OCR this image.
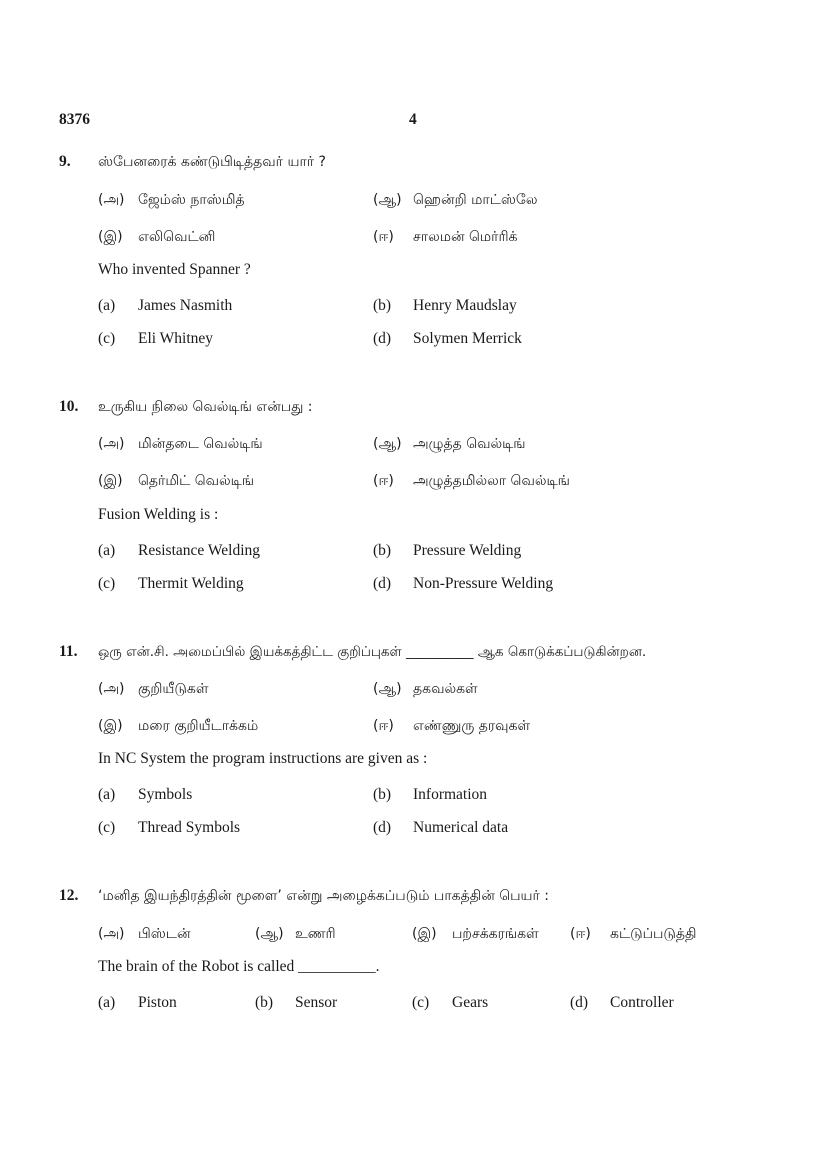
8376	4
9. ஸ்பேனரைக் கண்டுபிடித்தவர் யார் ?
(அ) ஜேம்ஸ் நாஸ்மித்	(ஆ) ஹென்றி மாட்ஸ்லே
(இ) எலிவெட்னி	(ஈ) சாலமன் மெர்ரிக்
Who invented Spanner ?
(a) James Nasmith	(b) Henry Maudslay
(c) Eli Whitney	(d) Solymen Merrick
10. உருகிய நிலை வெல்டிங் என்பது :
(அ) மின்தடை வெல்டிங்	(ஆ) அழுத்த வெல்டிங்
(இ) தெர்மிட் வெல்டிங்	(ஈ) அழுத்தமில்லா வெல்டிங்
Fusion Welding is :
(a) Resistance Welding	(b) Pressure Welding
(c) Thermit Welding	(d) Non-Pressure Welding
11. ஒரு என்.சி. அமைப்பில் இயக்கத்திட்ட குறிப்புகள் __________ ஆக கொடுக்கப்படுகின்றன.
(அ) குறியீடுகள்	(ஆ) தகவல்கள்
(இ) மரை குறியீடாக்கம்	(ஈ) எண்ணுரு தரவுகள்
In NC System the program instructions are given as :
(a) Symbols	(b) Information
(c) Thread Symbols	(d) Numerical data
12. ‘மனித இயந்திரத்தின் மூளை’ என்று அழைக்கப்படும் பாகத்தின் பெயர் :
(அ) பிஸ்டன்	(ஆ) உணரி	(இ) பற்சக்கரங்கள் (ஈ) கட்டுப்படுத்தி
The brain of the Robot is called __________.
(a) Piston	(b) Sensor	(c) Gears	(d) Controller
